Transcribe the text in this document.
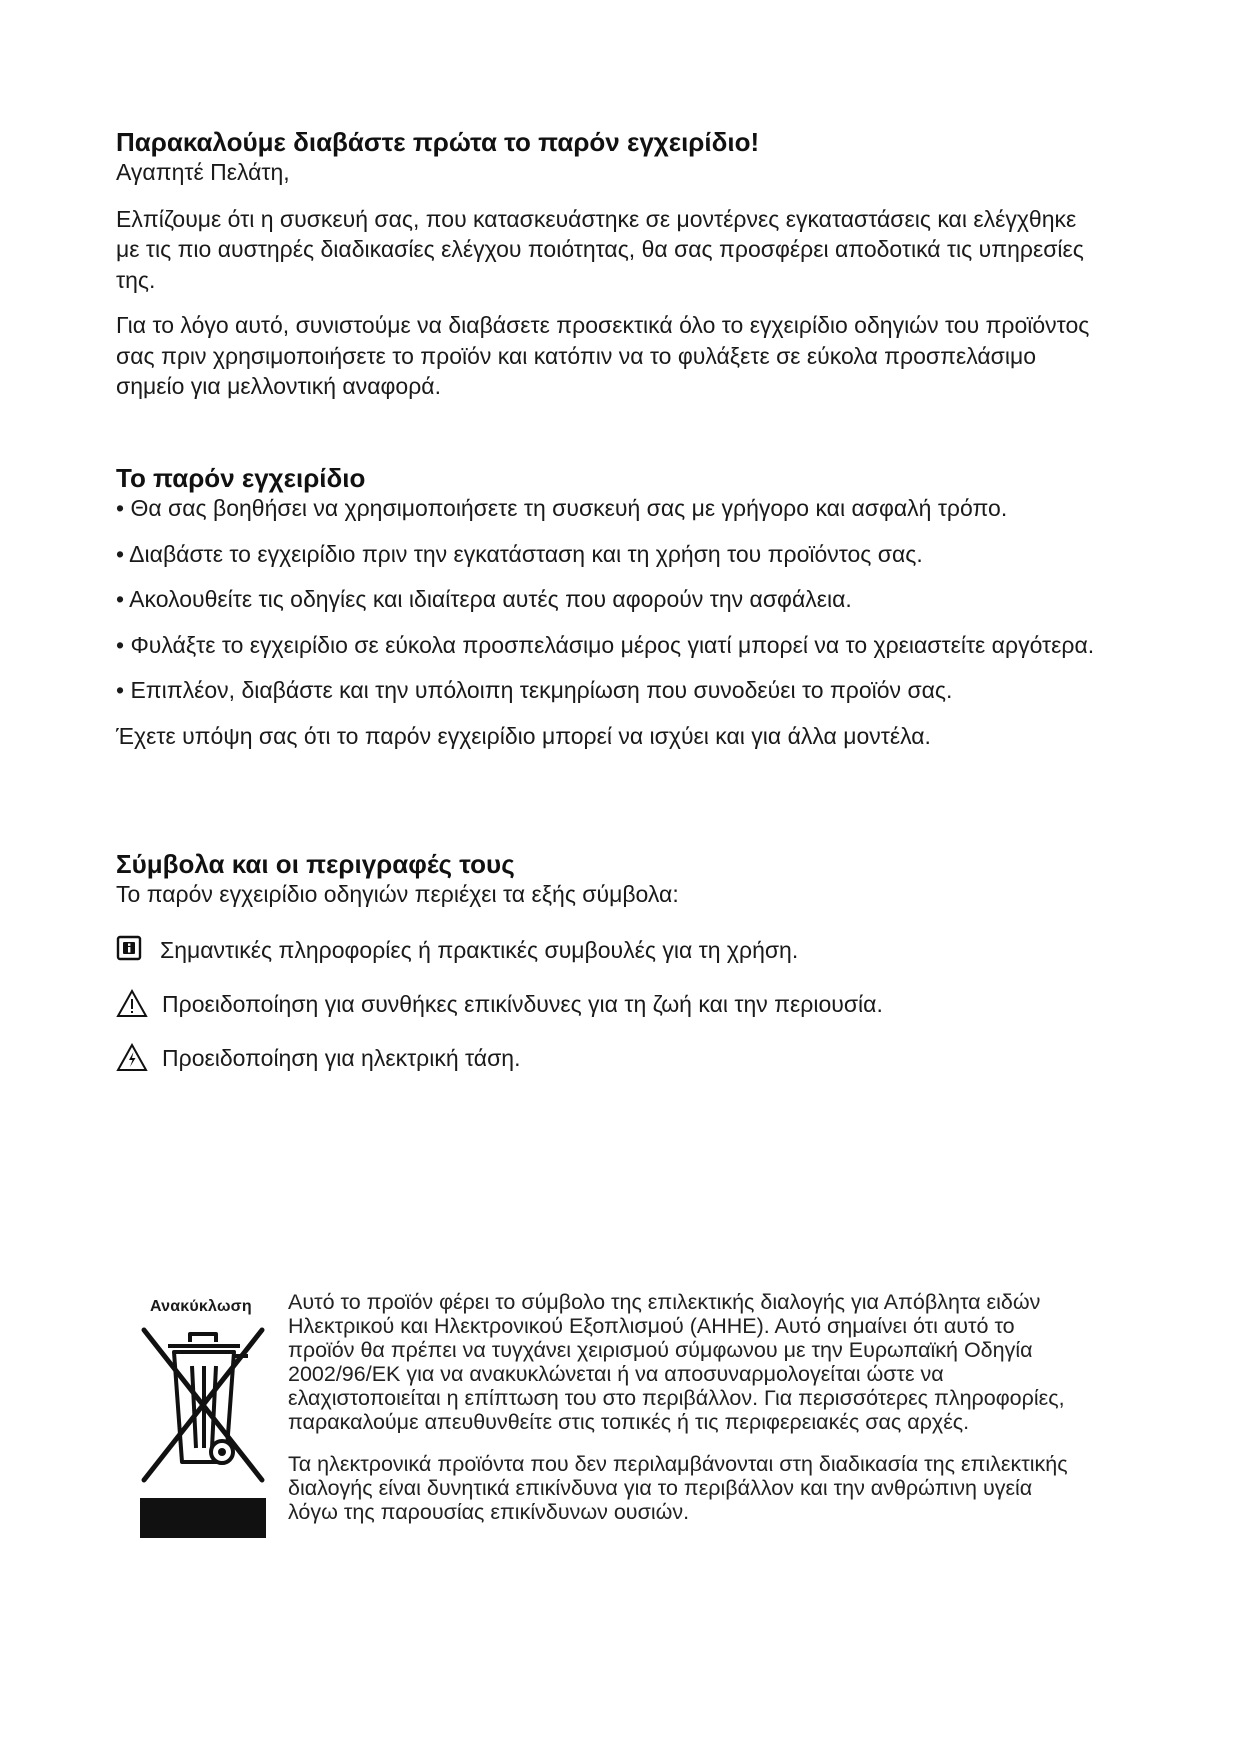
Παρακαλούμε διαβάστε πρώτα το παρόν εγχειρίδιο!

Αγαπητέ Πελάτη,

Ελπίζουμε ότι η συσκευή σας, που κατασκευάστηκε σε μοντέρνες εγκαταστάσεις και ελέγχθηκε με τις πιο αυστηρές διαδικασίες ελέγχου ποιότητας, θα σας προσφέρει αποδοτικά τις υπηρεσίες της.

Για το λόγο αυτό, συνιστούμε να διαβάσετε προσεκτικά όλο το εγχειρίδιο οδηγιών του προϊόντος σας πριν χρησιμοποιήσετε το προϊόν και κατόπιν να το φυλάξετε σε εύκολα προσπελάσιμο σημείο για μελλοντική αναφορά.

Το παρόν εγχειρίδιο

• Θα σας βοηθήσει να χρησιμοποιήσετε τη συσκευή σας με γρήγορο και ασφαλή τρόπο.

• Διαβάστε το εγχειρίδιο πριν την εγκατάσταση και τη χρήση του προϊόντος σας.

• Ακολουθείτε τις οδηγίες και ιδιαίτερα αυτές που αφορούν την ασφάλεια.

• Φυλάξτε το εγχειρίδιο σε εύκολα προσπελάσιμο μέρος γιατί μπορεί να το χρειαστείτε αργότερα.

• Επιπλέον, διαβάστε και την υπόλοιπη τεκμηρίωση που συνοδεύει το προϊόν σας.

Έχετε υπόψη σας ότι το παρόν εγχειρίδιο μπορεί να ισχύει και για άλλα μοντέλα.

Σύμβολα και οι περιγραφές τους

Το παρόν εγχειρίδιο οδηγιών περιέχει τα εξής σύμβολα:

Σημαντικές πληροφορίες ή πρακτικές συμβουλές για τη χρήση.
Προειδοποίηση για συνθήκες επικίνδυνες για τη ζωή και την περιουσία.
Προειδοποίηση για ηλεκτρική τάση.
Ανακύκλωση Αυτό το προϊόν φέρει το σύμβολο της επιλεκτικής διαλογής για Απόβλητα ειδών Ηλεκτρικού και Ηλεκτρονικού Εξοπλισμού (ΑΗΗΕ). Αυτό σημαίνει ότι αυτό το προϊόν θα πρέπει να τυγχάνει χειρισμού σύμφωνου με την Ευρωπαϊκή Οδηγία 2002/96/ΕΚ για να ανακυκλώνεται ή να αποσυναρμολογείται ώστε να ελαχιστοποιείται η επίπτωση του στο περιβάλλον. Για περισσότερες πληροφορίες, παρακαλούμε απευθυνθείτε στις τοπικές ή τις περιφερειακές σας αρχές.

Τα ηλεκτρονικά προϊόντα που δεν περιλαμβάνονται στη διαδικασία της επιλεκτικής διαλογής είναι δυνητικά επικίνδυνα για το περιβάλλον και την ανθρώπινη υγεία λόγω της παρουσίας επικίνδυνων ουσιών.
